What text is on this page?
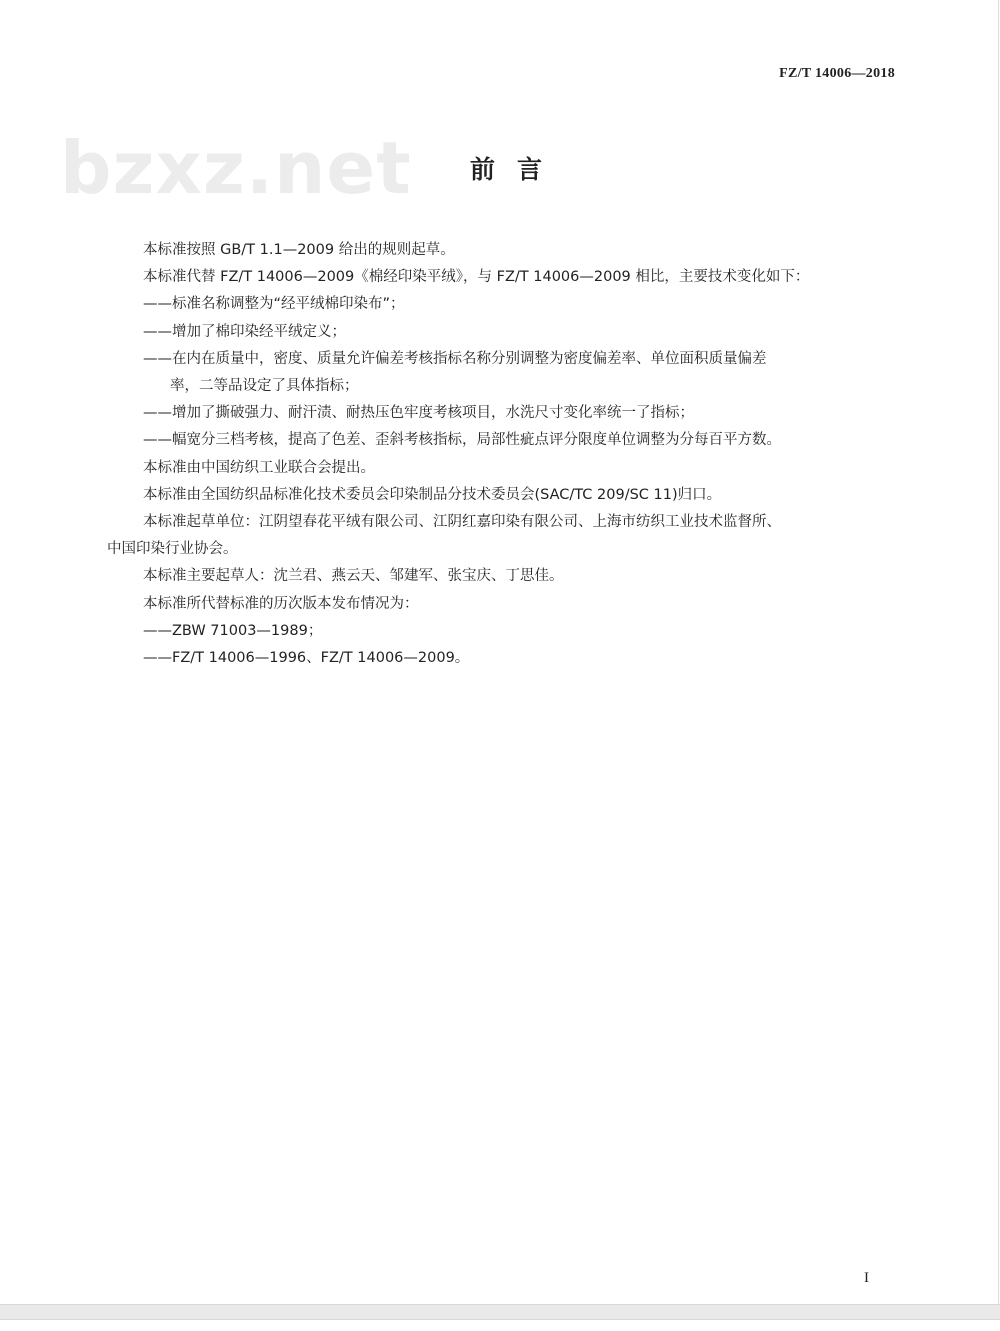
FZ/T 14006—2018
bzxz.net 前言
本标准按照 GB/T 1.1—2009 给出的规则起草。
本标准代替 FZ/T 14006—2009《棉经印染平绒》，与 FZ/T 14006—2009 相比，主要技术变化如下：
——标准名称调整为“经平绒棉印染布”；
——增加了棉印染经平绒定义；
——在内在质量中，密度、质量允许偏差考核指标名称分别调整为密度偏差率、单位面积质量偏差
率，二等品设定了具体指标；
——增加了撕破强力、耐汗渍、耐热压色牢度考核项目，水洗尺寸变化率统一了指标；
——幅宽分三档考核，提高了色差、歪斜考核指标，局部性疵点评分限度单位调整为分每百平方数。
本标准由中国纺织工业联合会提出。
本标准由全国纺织品标准化技术委员会印染制品分技术委员会(SAC/TC 209/SC 11)归口。
本标准起草单位：江阴望春花平绒有限公司、江阴红嘉印染有限公司、上海市纺织工业技术监督所、
中国印染行业协会。
本标准主要起草人：沈兰君、燕云天、邹建军、张宝庆、丁思佳。
本标准所代替标准的历次版本发布情况为：
——ZBW 71003—1989；
——FZ/T 14006—1996、FZ/T 14006—2009。
I
